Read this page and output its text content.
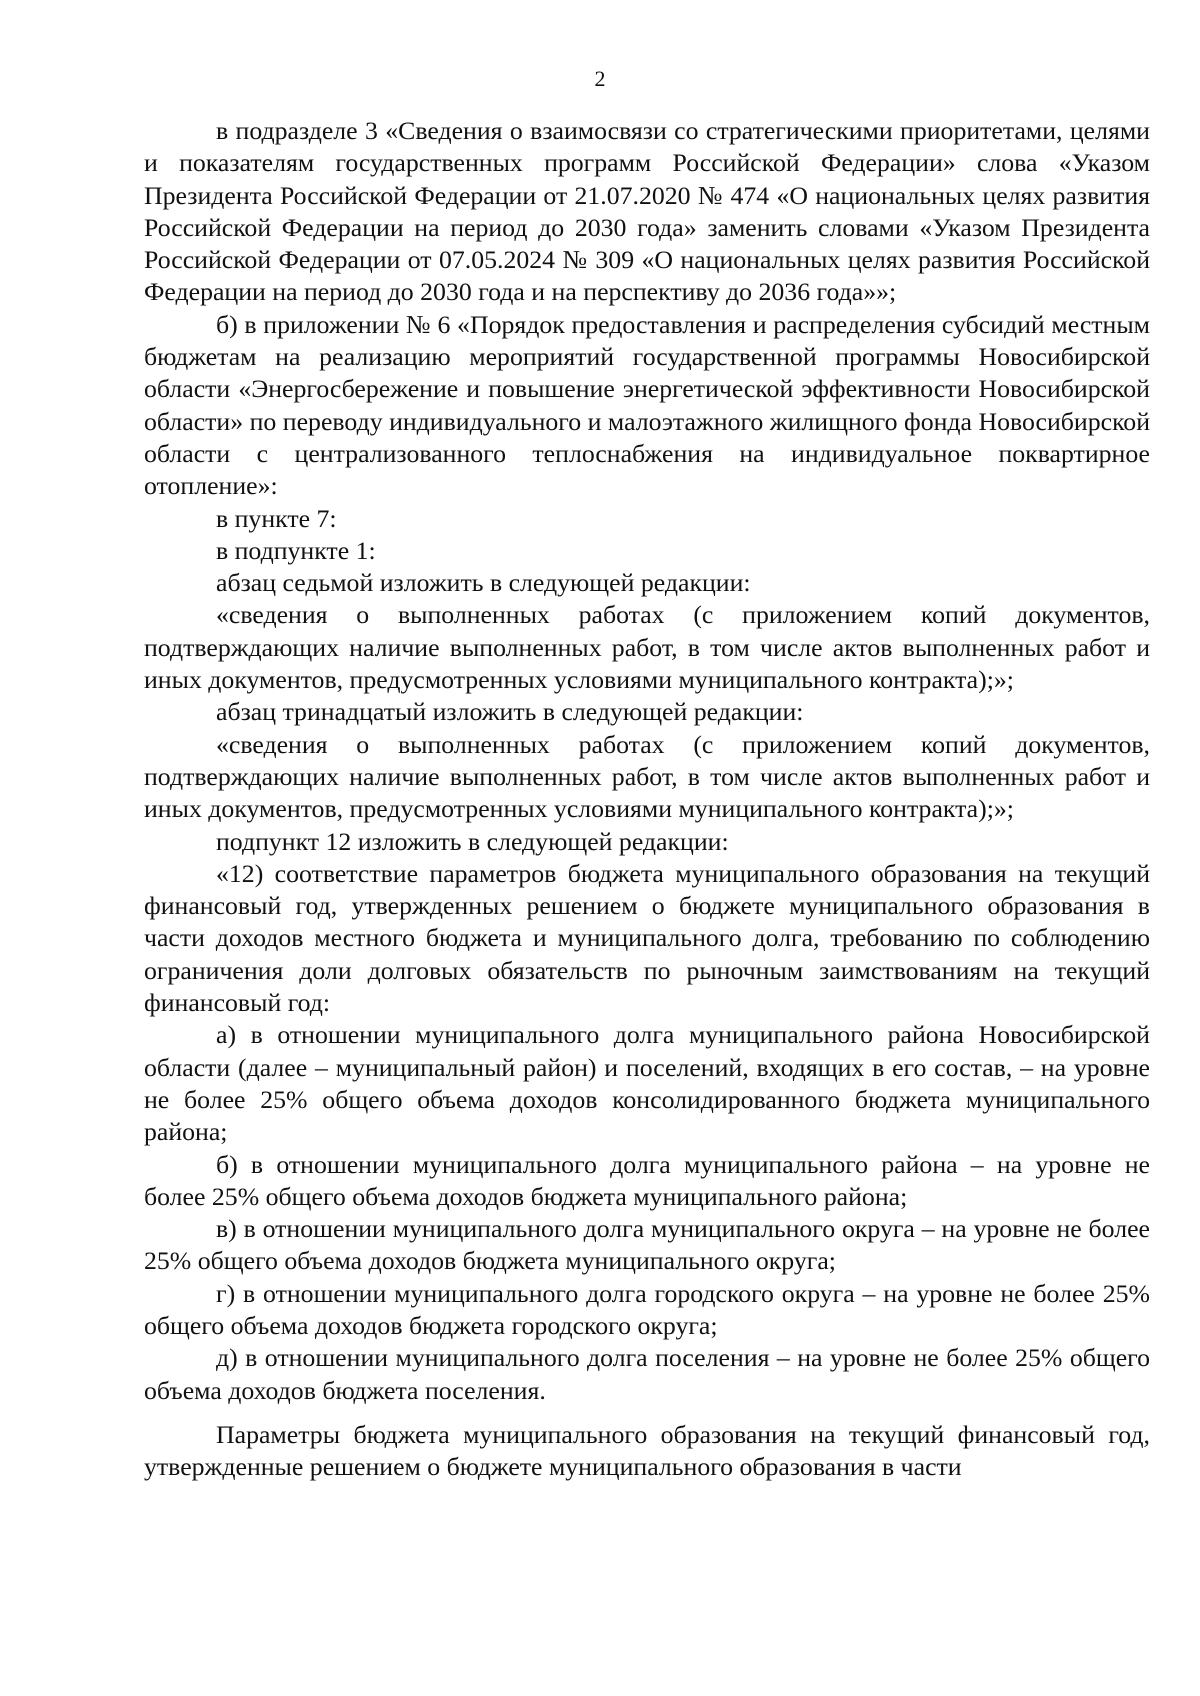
2

в подразделе 3 «Сведения о взаимосвязи со стратегическими приоритетами, целями и показателям государственных программ Российской Федерации» слова «Указом Президента Российской Федерации от 21.07.2020 № 474 «О национальных целях развития Российской Федерации на период до 2030 года» заменить словами «Указом Президента Российской Федерации от 07.05.2024 № 309 «О национальных целях развития Российской Федерации на период до 2030 года и на перспективу до 2036 года»»;

б) в приложении № 6 «Порядок предоставления и распределения субсидий местным бюджетам на реализацию мероприятий государственной программы Новосибирской области «Энергосбережение и повышение энергетической эффективности Новосибирской области» по переводу индивидуального и малоэтажного жилищного фонда Новосибирской области с централизованного теплоснабжения на индивидуальное поквартирное отопление»:

в пункте 7:

в подпункте 1:

абзац седьмой изложить в следующей редакции:

«сведения о выполненных работах (с приложением копий документов, подтверждающих наличие выполненных работ, в том числе актов выполненных работ и иных документов, предусмотренных условиями муниципального контракта);»;

абзац тринадцатый изложить в следующей редакции:

«сведения о выполненных работах (с приложением копий документов, подтверждающих наличие выполненных работ, в том числе актов выполненных работ и иных документов, предусмотренных условиями муниципального контракта);»;

подпункт 12 изложить в следующей редакции:

«12) соответствие параметров бюджета муниципального образования на текущий финансовый год, утвержденных решением о бюджете муниципального образования в части доходов местного бюджета и муниципального долга, требованию по соблюдению ограничения доли долговых обязательств по рыночным заимствованиям на текущий финансовый год:

а) в отношении муниципального долга муниципального района Новосибирской области (далее – муниципальный район) и поселений, входящих в его состав, – на уровне не более 25% общего объема доходов консолидированного бюджета муниципального района;

б) в отношении муниципального долга муниципального района – на уровне не более 25% общего объема доходов бюджета муниципального района;

в) в отношении муниципального долга муниципального округа – на уровне не более 25% общего объема доходов бюджета муниципального округа;

г) в отношении муниципального долга городского округа – на уровне не более 25% общего объема доходов бюджета городского округа;

д) в отношении муниципального долга поселения – на уровне не более 25% общего объема доходов бюджета поселения.

Параметры бюджета муниципального образования на текущий финансовый год, утвержденные решением о бюджете муниципального образования в части
